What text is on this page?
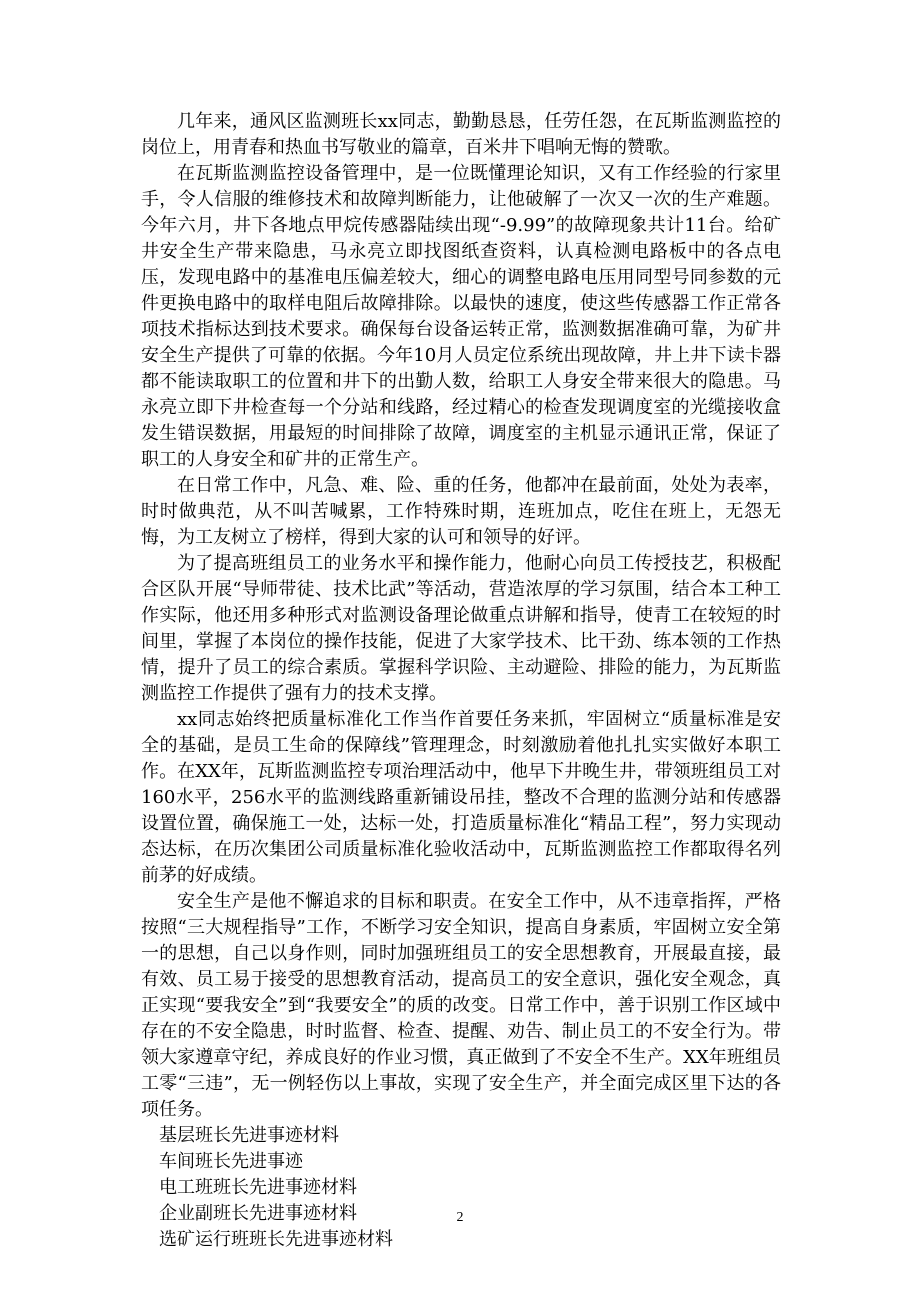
几年来，通风区监测班长xx同志，勤勤恳恳，任劳任怨，在瓦斯监测监控的岗位上，用青春和热血书写敬业的篇章，百米井下唱响无悔的赞歌。

在瓦斯监测监控设备管理中，是一位既懂理论知识，又有工作经验的行家里手，令人信服的维修技术和故障判断能力，让他破解了一次又一次的生产难题。今年六月，井下各地点甲烷传感器陆续出现“-9.99”的故障现象共计11台。给矿井安全生产带来隐患，马永亮立即找图纸查资料，认真检测电路板中的各点电压，发现电路中的基准电压偏差较大，细心的调整电路电压用同型号同参数的元件更换电路中的取样电阻后故障排除。以最快的速度，使这些传感器工作正常各项技术指标达到技术要求。确保每台设备运转正常，监测数据准确可靠，为矿井安全生产提供了可靠的依据。今年10月人员定位系统出现故障，井上井下读卡器都不能读取职工的位置和井下的出勤人数，给职工人身安全带来很大的隐患。马永亮立即下井检查每一个分站和线路，经过精心的检查发现调度室的光缆接收盒发生错误数据，用最短的时间排除了故障，调度室的主机显示通讯正常，保证了职工的人身安全和矿井的正常生产。

在日常工作中，凡急、难、险、重的任务，他都冲在最前面，处处为表率，时时做典范，从不叫苦喊累，工作特殊时期，连班加点，吃住在班上，无怨无悔，为工友树立了榜样，得到大家的认可和领导的好评。

为了提高班组员工的业务水平和操作能力，他耐心向员工传授技艺，积极配合区队开展“导师带徒、技术比武”等活动，营造浓厚的学习氛围，结合本工种工作实际，他还用多种形式对监测设备理论做重点讲解和指导，使青工在较短的时间里，掌握了本岗位的操作技能，促进了大家学技术、比干劲、练本领的工作热情，提升了员工的综合素质。掌握科学识险、主动避险、排险的能力，为瓦斯监测监控工作提供了强有力的技术支撑。

xx同志始终把质量标准化工作当作首要任务来抓，牢固树立“质量标准是安全的基础，是员工生命的保障线”管理理念，时刻激励着他扎扎实实做好本职工作。在XX年，瓦斯监测监控专项治理活动中，他早下井晚生井，带领班组员工对160水平，256水平的监测线路重新铺设吊挂，整改不合理的监测分站和传感器设置位置，确保施工一处，达标一处，打造质量标准化“精品工程”，努力实现动态达标，在历次集团公司质量标准化验收活动中，瓦斯监测监控工作都取得名列前茅的好成绩。

安全生产是他不懈追求的目标和职责。在安全工作中，从不违章指挥，严格按照“三大规程指导”工作，不断学习安全知识，提高自身素质，牢固树立安全第一的思想，自己以身作则，同时加强班组员工的安全思想教育，开展最直接，最有效、员工易于接受的思想教育活动，提高员工的安全意识，强化安全观念，真正实现“要我安全”到“我要安全”的质的改变。日常工作中，善于识别工作区域中存在的不安全隐患，时时监督、检查、提醒、劝告、制止员工的不安全行为。带领大家遵章守纪，养成良好的作业习惯，真正做到了不安全不生产。XX年班组员工零“三违”，无一例轻伤以上事故，实现了安全生产，并全面完成区里下达的各项任务。

基层班长先进事迹材料
车间班长先进事迹
电工班班长先进事迹材料
企业副班长先进事迹材料
选矿运行班班长先进事迹材料
2
